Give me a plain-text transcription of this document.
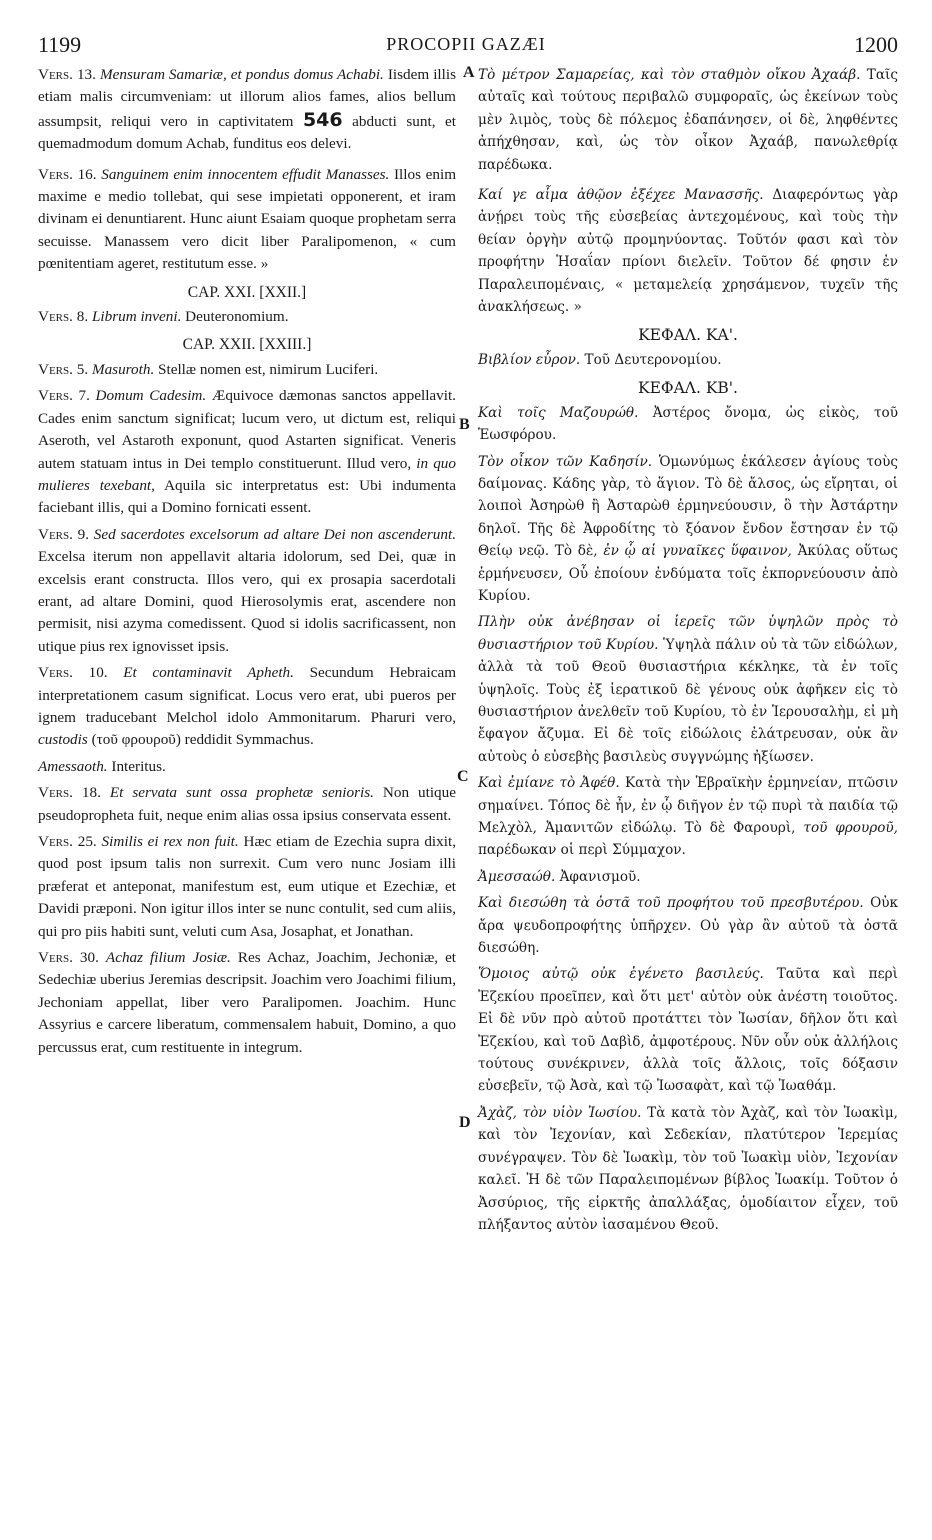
1199	PROCOPII GAZÆI	1200
A
B
C
D

Vers. 13. Mensuram Samariæ, et pondus domus Achabi. Iisdem illis etiam malis circumveniam: ut illorum alios fames, alios bellum assumpsit, reliqui vero in captivitatem 546 abducti sunt, et quemadmodum domum Achab, funditus eos delevi.

Vers. 16. Sanguinem enim innocentem effudit Manasses. Illos enim maxime e medio tollebat, qui sese impietati opponerent, et iram divinam ei denuntiarent. Hunc aiunt Esaiam quoque prophetam serra secuisse. Manassem vero dicit liber Paralipomenon, « cum pœnitentiam ageret, restitutum esse. »

CAP. XXI. [XXII.]

Vers. 8. Librum inveni. Deuteronomium.

CAP. XXII. [XXIII.]

Vers. 5. Masuroth. Stellæ nomen est, nimirum Luciferi.

Vers. 7. Domum Cadesim. Æquivoce dæmonas sanctos appellavit. Cades enim sanctum significat; lucum vero, ut dictum est, reliqui Aseroth, vel Astaroth exponunt, quod Astarten significat. Veneris autem statuam intus in Dei templo constituerunt. Illud vero, in quo mulieres texebant, Aquila sic interpretatus est: Ubi indumenta faciebant illis, qui a Domino fornicati essent.

Vers. 9. Sed sacerdotes excelsorum ad altare Dei non ascenderunt. Excelsa iterum non appellavit altaria idolorum, sed Dei, quæ in excelsis erant constructa. Illos vero, qui ex prosapia sacerdotali erant, ad altare Domini, quod Hierosolymis erat, ascendere non permisit, nisi azyma comedissent. Quod si idolis sacrificassent, non utique pius rex ignovisset ipsis.

Vers. 10. Et contaminavit Apheth. Secundum Hebraicam interpretationem casum significat. Locus vero erat, ubi pueros per ignem traducebant Melchol idolo Ammonitarum. Pharuri vero, custodis (τοῦ φρουροῦ) reddidit Symmachus.

Amessaoth. Interitus.

Vers. 18. Et servata sunt ossa prophetæ senioris. Non utique pseudopropheta fuit, neque enim alias ossa ipsius conservata essent.

Vers. 25. Similis ei rex non fuit. Hæc etiam de Ezechia supra dixit, quod post ipsum talis non surrexit. Cum vero nunc Josiam illi præferat et anteponat, manifestum est, eum utique et Ezechiæ, et Davidi præponi. Non igitur illos inter se nunc contulit, sed cum aliis, qui pro piis habiti sunt, veluti cum Asa, Josaphat, et Jonathan.

Vers. 30. Achaz filium Josiæ. Res Achaz, Joachim, Jechoniæ, et Sedechiæ uberius Jeremias descripsit. Joachim vero Joachimi filium, Jechoniam appellat, liber vero Paralipomen. Joachim. Hunc Assyrius e carcere liberatum, commensalem habuit, Domino, a quo percussus erat, cum restituente in integrum.

Τὸ μέτρον Σαμαρείας, καὶ τὸν σταθμὸν οἴκου Ἀχαάβ. Ταῖς αὐταῖς καὶ τούτους περιβαλῶ συμφοραῖς, ὡς ἐκείνων τοὺς μὲν λιμὸς, τοὺς δὲ πόλεμος ἐδαπάνησεν, οἱ δὲ, ληφθέντες ἀπήχθησαν, καὶ, ὡς τὸν οἶκον Ἀχαάβ, πανωλεθρίᾳ παρέδωκα.

Καί γε αἷμα ἀθῷον ἐξέχεε Μανασσῆς. Διαφερόντως γὰρ ἀνῄρει τοὺς τῆς εὐσεβείας ἀντεχομένους, καὶ τοὺς τὴν θείαν ὀργὴν αὐτῷ προμηνύοντας. Τοῦτόν φασι καὶ τὸν προφήτην Ἡσαΐαν πρίονι διελεῖν. Τοῦτον δέ φησιν ἐν Παραλειπομέναις, « μεταμελείᾳ χρησάμενον, τυχεῖν τῆς ἀνακλήσεως. »

ΚΕΦΑΛ. ΚΑ'.

Βιβλίον εὗρον. Τοῦ Δευτερονομίου.

ΚΕΦΑΛ. ΚΒ'.

Καὶ τοῖς Μαζουρώθ. Ἀστέρος ὄνομα, ὡς εἰκὸς, τοῦ Ἑωσφόρου.

Τὸν οἶκον τῶν Καδησίν. Ὁμωνύμως ἐκάλεσεν ἁγίους τοὺς δαίμονας. Κάδης γὰρ, τὸ ἅγιον. Τὸ δὲ ἄλσος, ὡς εἴρηται, οἱ λοιποὶ Ἀσηρὼθ ἢ Ἀσταρὼθ ἑρμηνεύουσιν, ὃ τὴν Ἀστάρτην δηλοῖ. Τῆς δὲ Ἀφροδίτης τὸ ξόανον ἔνδον ἔστησαν ἐν τῷ Θείῳ νεῷ. Τὸ δὲ, ἐν ᾧ αἱ γυναῖκες ὕφαινον, Ἀκύλας οὕτως ἑρμήνευσεν, Οὗ ἐποίουν ἐνδύματα τοῖς ἐκπορνεύουσιν ἀπὸ Κυρίου.

Πλὴν οὐκ ἀνέβησαν οἱ ἱερεῖς τῶν ὑψηλῶν πρὸς τὸ θυσιαστήριον τοῦ Κυρίου. Ὑψηλὰ πάλιν οὐ τὰ τῶν εἰδώλων, ἀλλὰ τὰ τοῦ Θεοῦ θυσιαστήρια κέκληκε, τὰ ἐν τοῖς ὑψηλοῖς. Τοὺς ἐξ ἱερατικοῦ δὲ γένους οὐκ ἀφῆκεν εἰς τὸ θυσιαστήριον ἀνελθεῖν τοῦ Κυρίου, τὸ ἐν Ἱερουσαλὴμ, εἰ μὴ ἔφαγον ἄζυμα. Εἰ δὲ τοῖς εἰδώλοις ἐλάτρευσαν, οὐκ ἂν αὐτοὺς ὁ εὐσεβὴς βασιλεὺς συγγνώμης ἠξίωσεν.

Καὶ ἐμίανε τὸ Ἀφέθ. Κατὰ τὴν Ἑβραϊκὴν ἑρμηνείαν, πτῶσιν σημαίνει. Τόπος δὲ ἦν, ἐν ᾧ διῆγον ἐν τῷ πυρὶ τὰ παιδία τῷ Μελχὸλ, Ἀμανιτῶν εἰδώλῳ. Τὸ δὲ Φαρουρὶ, τοῦ φρουροῦ, παρέδωκαν οἱ περὶ Σύμμαχον.

Ἀμεσσαώθ. Ἀφανισμοῦ.

Καὶ διεσώθη τὰ ὀστᾶ τοῦ προφήτου τοῦ πρεσβυτέρου. Οὐκ ἄρα ψευδοπροφήτης ὑπῆρχεν. Οὐ γὰρ ἂν αὐτοῦ τὰ ὀστᾶ διεσώθη.

Ὅμοιος αὐτῷ οὐκ ἐγένετο βασιλεύς. Ταῦτα καὶ περὶ Ἐζεκίου προεῖπεν, καὶ ὅτι μετ' αὐτὸν οὐκ ἀνέστη τοιοῦτος. Εἰ δὲ νῦν πρὸ αὐτοῦ προτάττει τὸν Ἰωσίαν, δῆλον ὅτι καὶ Ἐζεκίου, καὶ τοῦ Δαβὶδ, ἀμφοτέρους. Νῦν οὖν οὐκ ἀλλήλοις τούτους συνέκρινεν, ἀλλὰ τοῖς ἄλλοις, τοῖς δόξασιν εὐσεβεῖν, τῷ Ἀσὰ, καὶ τῷ Ἰωσαφὰτ, καὶ τῷ Ἰωαθάμ.

Ἀχὰζ, τὸν υἱὸν Ἰωσίου. Τὰ κατὰ τὸν Ἀχὰζ, καὶ τὸν Ἰωακὶμ, καὶ τὸν Ἰεχονίαν, καὶ Σεδεκίαν, πλατύτερον Ἱερεμίας συνέγραψεν. Τὸν δὲ Ἰωακὶμ, τὸν τοῦ Ἰωακὶμ υἱὸν, Ἰεχονίαν καλεῖ. Ἡ δὲ τῶν Παραλειπομένων βίβλος Ἰωακίμ. Τοῦτον ὁ Ἀσσύριος, τῆς εἱρκτῆς ἀπαλλάξας, ὁμοδίαιτον εἶχεν, τοῦ πλήξαντος αὐτὸν ἰασαμένου Θεοῦ.
